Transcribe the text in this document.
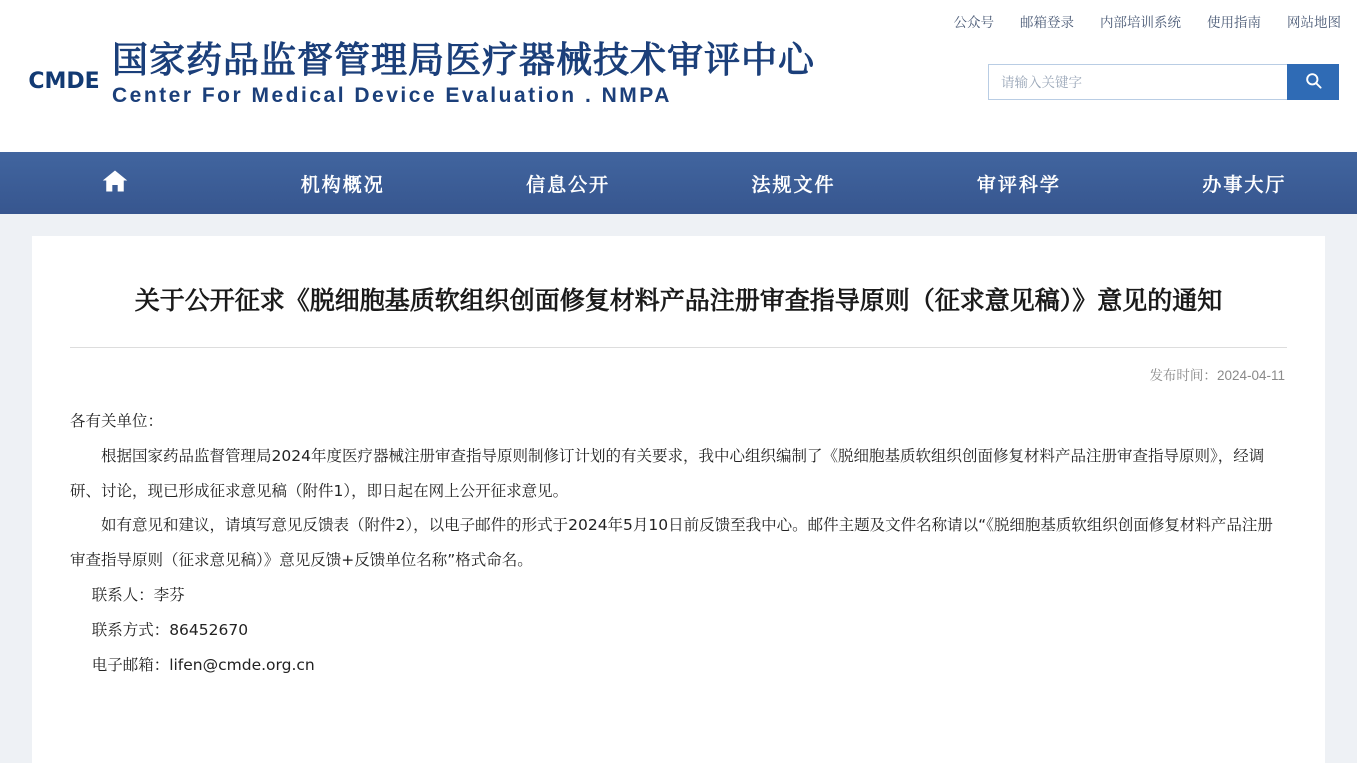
公众号 邮箱登录 内部培训系统 使用指南 网站地图
CMDE
国家药品监督管理局医疗器械技术审评中心
Center For Medical Device Evaluation . NMPA
请输入关键字
机构概况	信息公开	法规文件	审评科学	办事大厅
关于公开征求《脱细胞基质软组织创面修复材料产品注册审查指导原则（征求意见稿）》意见的通知
发布时间：2024-04-11

各有关单位：

根据国家药品监督管理局2024年度医疗器械注册审查指导原则制修订计划的有关要求，我中心组织编制了《脱细胞基质软组织创面修复材料产品注册审查指导原则》，经调研、讨论，现已形成征求意见稿（附件1），即日起在网上公开征求意见。

如有意见和建议，请填写意见反馈表（附件2），以电子邮件的形式于2024年5月10日前反馈至我中心。邮件主题及文件名称请以“《脱细胞基质软组织创面修复材料产品注册审查指导原则（征求意见稿）》意见反馈+反馈单位名称”格式命名。

联系人：李芬

联系方式：86452670

电子邮箱：lifen@cmde.org.cn
